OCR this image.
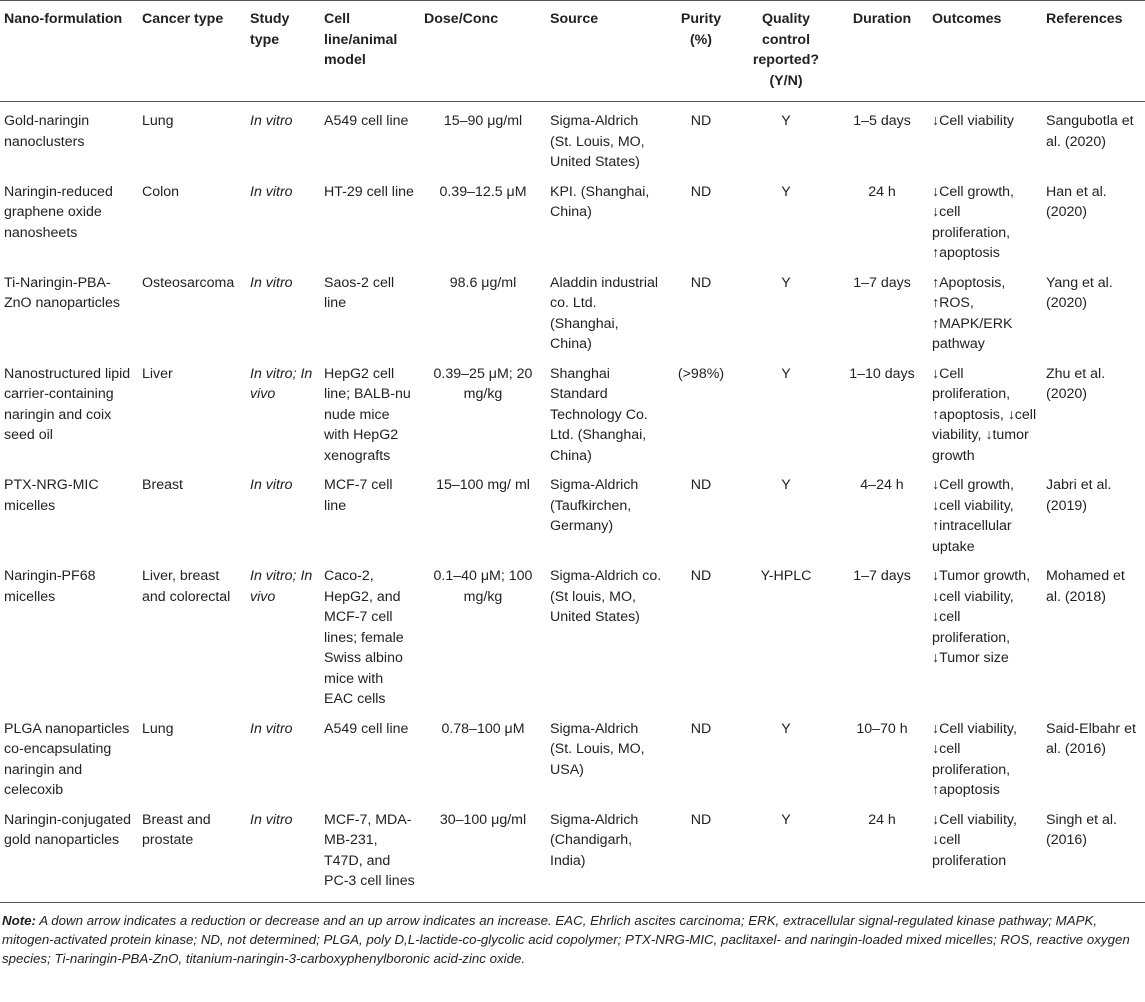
Nano-formulation	Cancer type	Study type	Cell line/animal model	Dose/Conc	Source	Purity (%)	Quality control reported? (Y/N)	Duration	Outcomes	References
Gold-naringin nanoclusters	Lung	In vitro	A549 cell line	15–90 μg/ml	Sigma-Aldrich (St. Louis, MO, United States)	ND	Y	1–5 days	↓Cell viability	Sangubotla et al. (2020)
Naringin-reduced graphene oxide nanosheets	Colon	In vitro	HT-29 cell line	0.39–12.5 μM	KPI. (Shanghai, China)	ND	Y	24 h	↓Cell growth, ↓cell proliferation, ↑apoptosis	Han et al. (2020)
Ti-Naringin-PBA-ZnO nanoparticles	Osteosarcoma	In vitro	Saos-2 cell line	98.6 μg/ml	Aladdin industrial co. Ltd. (Shanghai, China)	ND	Y	1–7 days	↑Apoptosis, ↑ROS, ↑MAPK/ERK pathway	Yang et al. (2020)
Nanostructured lipid carrier-containing naringin and coix seed oil	Liver	In vitro; In vivo	HepG2 cell line; BALB-nu nude mice with HepG2 xenografts	0.39–25 μM; 20 mg/kg	Shanghai Standard Technology Co. Ltd. (Shanghai, China)	(>98%)	Y	1–10 days	↓Cell proliferation, ↑apoptosis, ↓cell viability, ↓tumor growth	Zhu et al. (2020)
PTX-NRG-MIC micelles	Breast	In vitro	MCF-7 cell line	15–100 mg/ ml	Sigma-Aldrich (Taufkirchen, Germany)	ND	Y	4–24 h	↓Cell growth, ↓cell viability, ↑intracellular uptake	Jabri et al. (2019)
Naringin-PF68 micelles	Liver, breast and colorectal	In vitro; In vivo	Caco-2, HepG2, and MCF-7 cell lines; female Swiss albino mice with EAC cells	0.1–40 μM; 100 mg/kg	Sigma-Aldrich co. (St louis, MO, United States)	ND	Y-HPLC	1–7 days	↓Tumor growth, ↓cell viability, ↓cell proliferation, ↓Tumor size	Mohamed et al. (2018)
PLGA nanoparticles co-encapsulating naringin and celecoxib	Lung	In vitro	A549 cell line	0.78–100 μM	Sigma-Aldrich (St. Louis, MO, USA)	ND	Y	10–70 h	↓Cell viability, ↓cell proliferation, ↑apoptosis	Said-Elbahr et al. (2016)
Naringin-conjugated gold nanoparticles	Breast and prostate	In vitro	MCF-7, MDA-MB-231, T47D, and PC-3 cell lines	30–100 μg/ml	Sigma-Aldrich (Chandigarh, India)	ND	Y	24 h	↓Cell viability, ↓cell proliferation	Singh et al. (2016)
Note: A down arrow indicates a reduction or decrease and an up arrow indicates an increase. EAC, Ehrlich ascites carcinoma; ERK, extracellular signal-regulated kinase pathway; MAPK, mitogen-activated protein kinase; ND, not determined; PLGA, poly D,L-lactide-co-glycolic acid copolymer; PTX-NRG-MIC, paclitaxel- and naringin-loaded mixed micelles; ROS, reactive oxygen species; Ti-naringin-PBA-ZnO, titanium-naringin-3-carboxyphenylboronic acid-zinc oxide.
